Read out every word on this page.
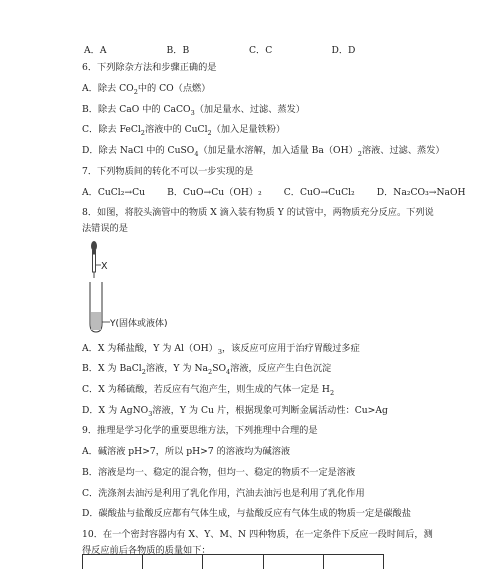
A．A	B．B	C．C	D．D
6．下列除杂方法和步骤正确的是
A．除去 $CO_2$中的 CO（点燃）
B．除去 CaO 中的 CaCO$_3$（加足量水、过滤、蒸发）
C．除去 FeCl$_2$溶液中的 CuCl$_2$（加入足量铁粉）
D．除去 NaCl 中的 CuSO$_4$（加足量水溶解，加入适量 $Ba(OH)_2$溶液、过滤、蒸发）
7．下列物质间的转化不可以一步实现的是
A．CuCl₂→Cu B．CuO→Cu（OH）₂ C．CuO→CuCl₂ D．Na₂CO₃→NaOH
8．如图，将胶头滴管中的物质 X 滴入装有物质 Y 的试管中，两物质充分反应。下列说
法错误的是
X
Y(固体或液体)
A．X 为稀盐酸，Y 为 $Al(OH)_3$，该反应可应用于治疗胃酸过多症
B．X 为 BaCl$_2$溶液，Y 为 $Na_2SO_4$溶液，反应产生白色沉淀
C．X 为稀硫酸，若反应有气泡产生，则生成的气体一定是 $H_2$
D．X 为 AgNO$_3$溶液，Y 为 Cu 片，根据现象可判断金属活动性：Cu>Ag
9．推理是学习化学的重要思维方法，下列推理中合理的是
A．碱溶液 pH>7，所以 pH>7 的溶液均为碱溶液
B．溶液是均一、稳定的混合物，但均一、稳定的物质不一定是溶液
C．洗涤剂去油污是利用了乳化作用，汽油去油污也是利用了乳化作用
D．碳酸盐与盐酸反应都有气体生成，与盐酸反应有气体生成的物质一定是碳酸盐
10．在一个密封容器内有 X、Y、M、N 四种物质，在一定条件下反应一段时间后，测
得反应前后各物质的质量如下：
